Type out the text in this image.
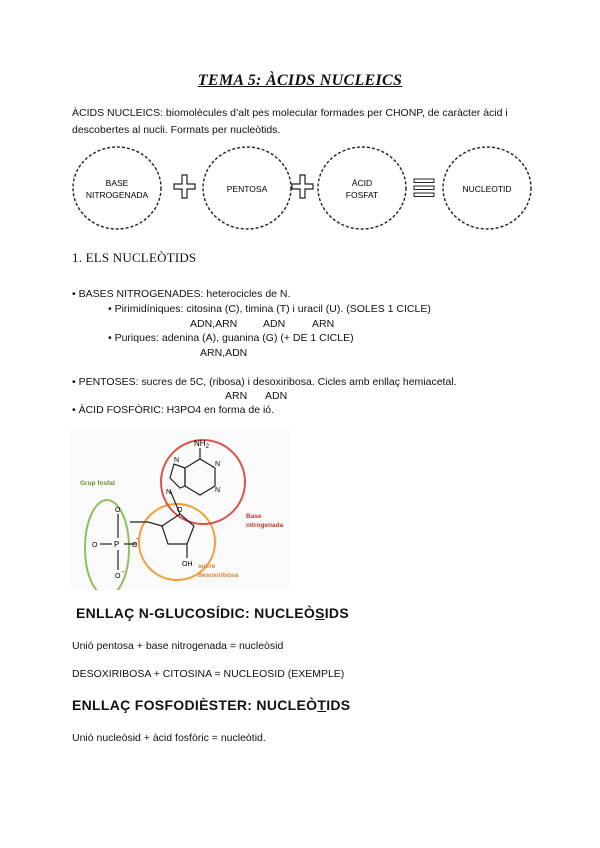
TEMA 5: ÀCIDS NUCLEICS
ÀCIDS NUCLEICS: biomolècules d’alt pes molecular formades per CHONP, de caràcter àcid i descobertes al nucli. Formats per nucleòtids.
BASE
NITROGENADA
PENTOSA
ÀCID
FOSFAT
NUCLEOTID
1. ELS NUCLEÒTIDS
• BASES NITROGENADES: heterocicles de N.
• Pirimidíniques: citosina (C), timina (T) i uracil (U). (SOLES 1 CICLE)
ADN,ARN ADN	ARN
• Puriques: adenina (A), guanina (G) (+ DE 1 CICLE)
ARN,ADN
• PENTOSES: sucres de 5C, (ribosa) i desoxiribosa. Cicles amb enllaç hemiacetal.
ARN ADN
• ÀCID FOSFÒRIC: H3PO4 en forma de ió.
Grup fosfat
Base
nitrogenada
sucre
desoxiribosa
$NH_2$
N
N
N
N
O
O
P
O	O
-
O
-
OH
ENLLAÇ N-GLUCOSÍDIC: NUCLEÒSIDS
Unió pentosa + base nitrogenada = nucleòsid
DESOXIRIBOSA + CITOSINA = NUCLEOSID (EXEMPLE)
ENLLAÇ FOSFODIÈSTER: NUCLEÒTIDS
Unió nucleòsid + àcid fosfòric = nucleòtid.
